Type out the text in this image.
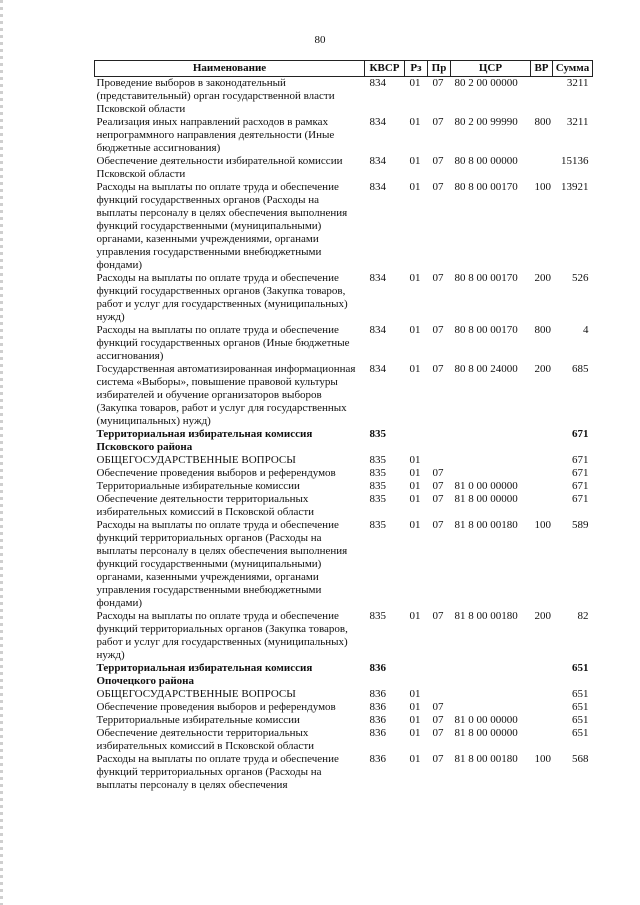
80
Наименование	КВСР	Рз	Пр	ЦСР	ВР	Сумма
Проведение выборов в законодательный (представительный) орган государственной власти Псковской области	834	01	07	80 2 00 00000		3211
Реализация иных направлений расходов в рамках непрограммного направления деятельности (Иные бюджетные ассигнования)	834	01	07	80 2 00 99990	800	3211
Обеспечение деятельности избирательной комиссии Псковской области	834	01	07	80 8 00 00000		15136
Расходы на выплаты по оплате труда и обеспечение функций государственных органов (Расходы на выплаты персоналу в целях обеспечения выполнения функций государственными (муниципальными) органами, казенными учреждениями, органами управления государственными внебюджетными фондами)	834	01	07	80 8 00 00170	100	13921
Расходы на выплаты по оплате труда и обеспечение функций государственных органов (Закупка товаров, работ и услуг для государственных (муниципальных) нужд)	834	01	07	80 8 00 00170	200	526
Расходы на выплаты по оплате труда и обеспечение функций государственных органов (Иные бюджетные ассигнования)	834	01	07	80 8 00 00170	800	4
Государственная автоматизированная информационная система «Выборы», повышение правовой культуры избирателей и обучение организаторов выборов (Закупка товаров, работ и услуг для государственных (муниципальных) нужд)	834	01	07	80 8 00 24000	200	685
Территориальная избирательная комиссия Псковского района	835					671
ОБЩЕГОСУДАРСТВЕННЫЕ ВОПРОСЫ	835	01				671
Обеспечение проведения выборов и референдумов	835	01	07			671
Территориальные избирательные комиссии	835	01	07	81 0 00 00000		671
Обеспечение деятельности территориальных избирательных комиссий в Псковской области	835	01	07	81 8 00 00000		671
Расходы на выплаты по оплате труда и обеспечение функций территориальных органов (Расходы на выплаты персоналу в целях обеспечения выполнения функций государственными (муниципальными) органами, казенными учреждениями, органами управления государственными внебюджетными фондами)	835	01	07	81 8 00 00180	100	589
Расходы на выплаты по оплате труда и обеспечение функций территориальных органов (Закупка товаров, работ и услуг для государственных (муниципальных) нужд)	835	01	07	81 8 00 00180	200	82
Территориальная избирательная комиссия Опочецкого района	836					651
ОБЩЕГОСУДАРСТВЕННЫЕ ВОПРОСЫ	836	01				651
Обеспечение проведения выборов и референдумов	836	01	07			651
Территориальные избирательные комиссии	836	01	07	81 0 00 00000		651
Обеспечение деятельности территориальных избирательных комиссий в Псковской области	836	01	07	81 8 00 00000		651
Расходы на выплаты по оплате труда и обеспечение функций территориальных органов (Расходы на выплаты персоналу в целях обеспечения	836	01	07	81 8 00 00180	100	568
